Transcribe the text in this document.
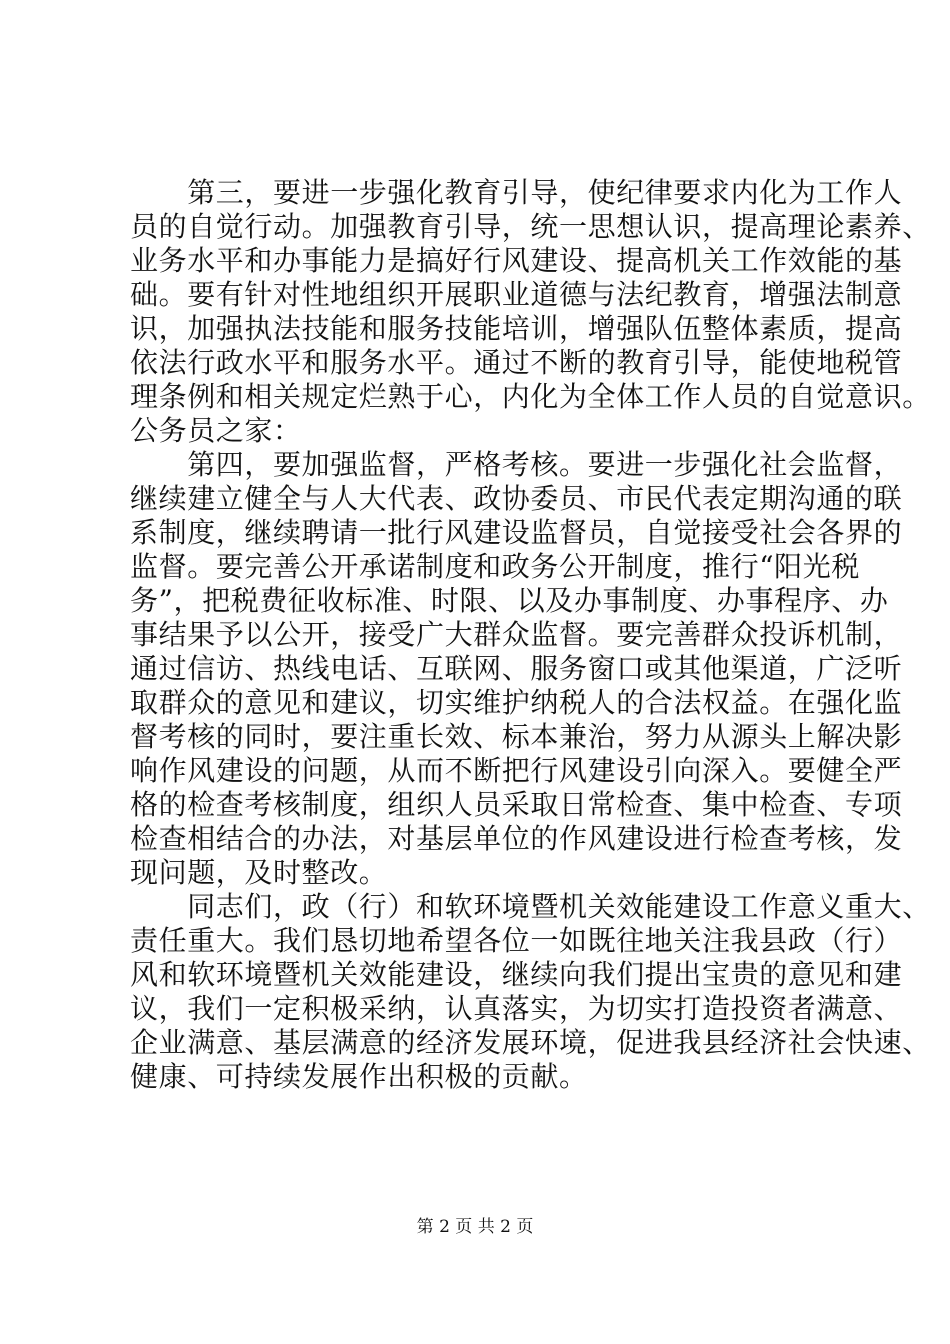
　　第三，要进一步强化教育引导，使纪律要求内化为工作人
员的自觉行动。加强教育引导，统一思想认识，提高理论素养、
业务水平和办事能力是搞好行风建设、提高机关工作效能的基
础。要有针对性地组织开展职业道德与法纪教育，增强法制意
识，加强执法技能和服务技能培训，增强队伍整体素质，提高
依法行政水平和服务水平。通过不断的教育引导，能使地税管
理条例和相关规定烂熟于心，内化为全体工作人员的自觉意识。
公务员之家：
　　第四，要加强监督，严格考核。要进一步强化社会监督，
继续建立健全与人大代表、政协委员、市民代表定期沟通的联
系制度，继续聘请一批行风建设监督员，自觉接受社会各界的
监督。要完善公开承诺制度和政务公开制度，推行“阳光税
务”，把税费征收标准、时限、以及办事制度、办事程序、办
事结果予以公开，接受广大群众监督。要完善群众投诉机制，
通过信访、热线电话、互联网、服务窗口或其他渠道，广泛听
取群众的意见和建议，切实维护纳税人的合法权益。在强化监
督考核的同时，要注重长效、标本兼治，努力从源头上解决影
响作风建设的问题，从而不断把行风建设引向深入。要健全严
格的检查考核制度，组织人员采取日常检查、集中检查、专项
检查相结合的办法，对基层单位的作风建设进行检查考核，发
现问题，及时整改。
　　同志们，政（行）和软环境暨机关效能建设工作意义重大、
责任重大。我们恳切地希望各位一如既往地关注我县政（行）
风和软环境暨机关效能建设，继续向我们提出宝贵的意见和建
议，我们一定积极采纳，认真落实，为切实打造投资者满意、
企业满意、基层满意的经济发展环境，促进我县经济社会快速、
健康、可持续发展作出积极的贡献。
第 2 页 共 2 页
